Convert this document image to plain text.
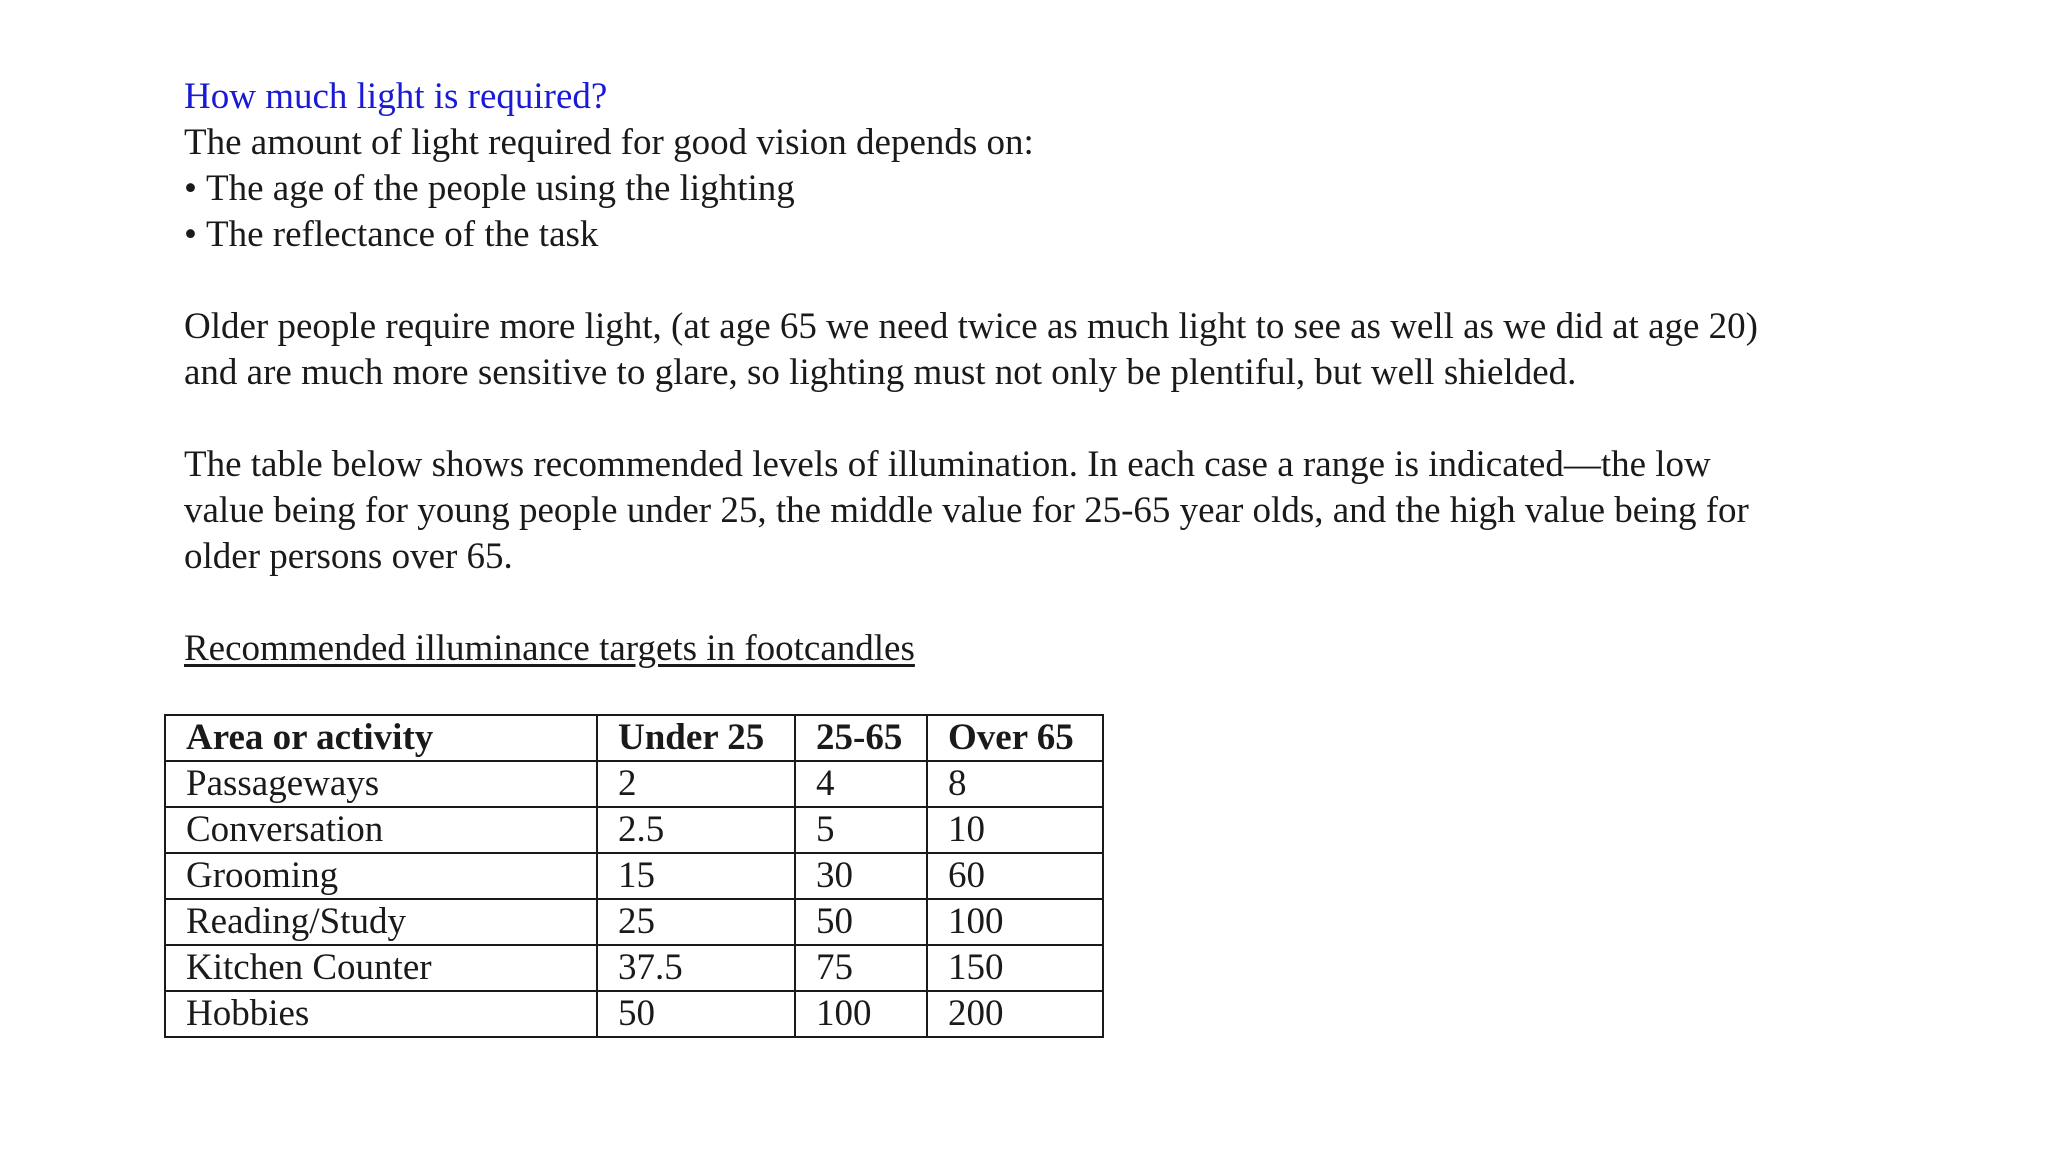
How much light is required?

The amount of light required for good vision depends on:

• The age of the people using the lighting

• The reflectance of the task

Older people require more light, (at age 65 we need twice as much light to see as well as we did at age 20)

and are much more sensitive to glare, so lighting must not only be plentiful, but well shielded.

The table below shows recommended levels of illumination. In each case a range is indicated—the low

value being for young people under 25, the middle value for 25-65 year olds, and the high value being for

older persons over 65.

Recommended illuminance targets in footcandles

Area or activity	Under 25	25-65	Over 65
Passageways	2	4	8
Conversation	2.5	5	10
Grooming	15	30	60
Reading/Study	25	50	100
Kitchen Counter	37.5	75	150
Hobbies	50	100	200
